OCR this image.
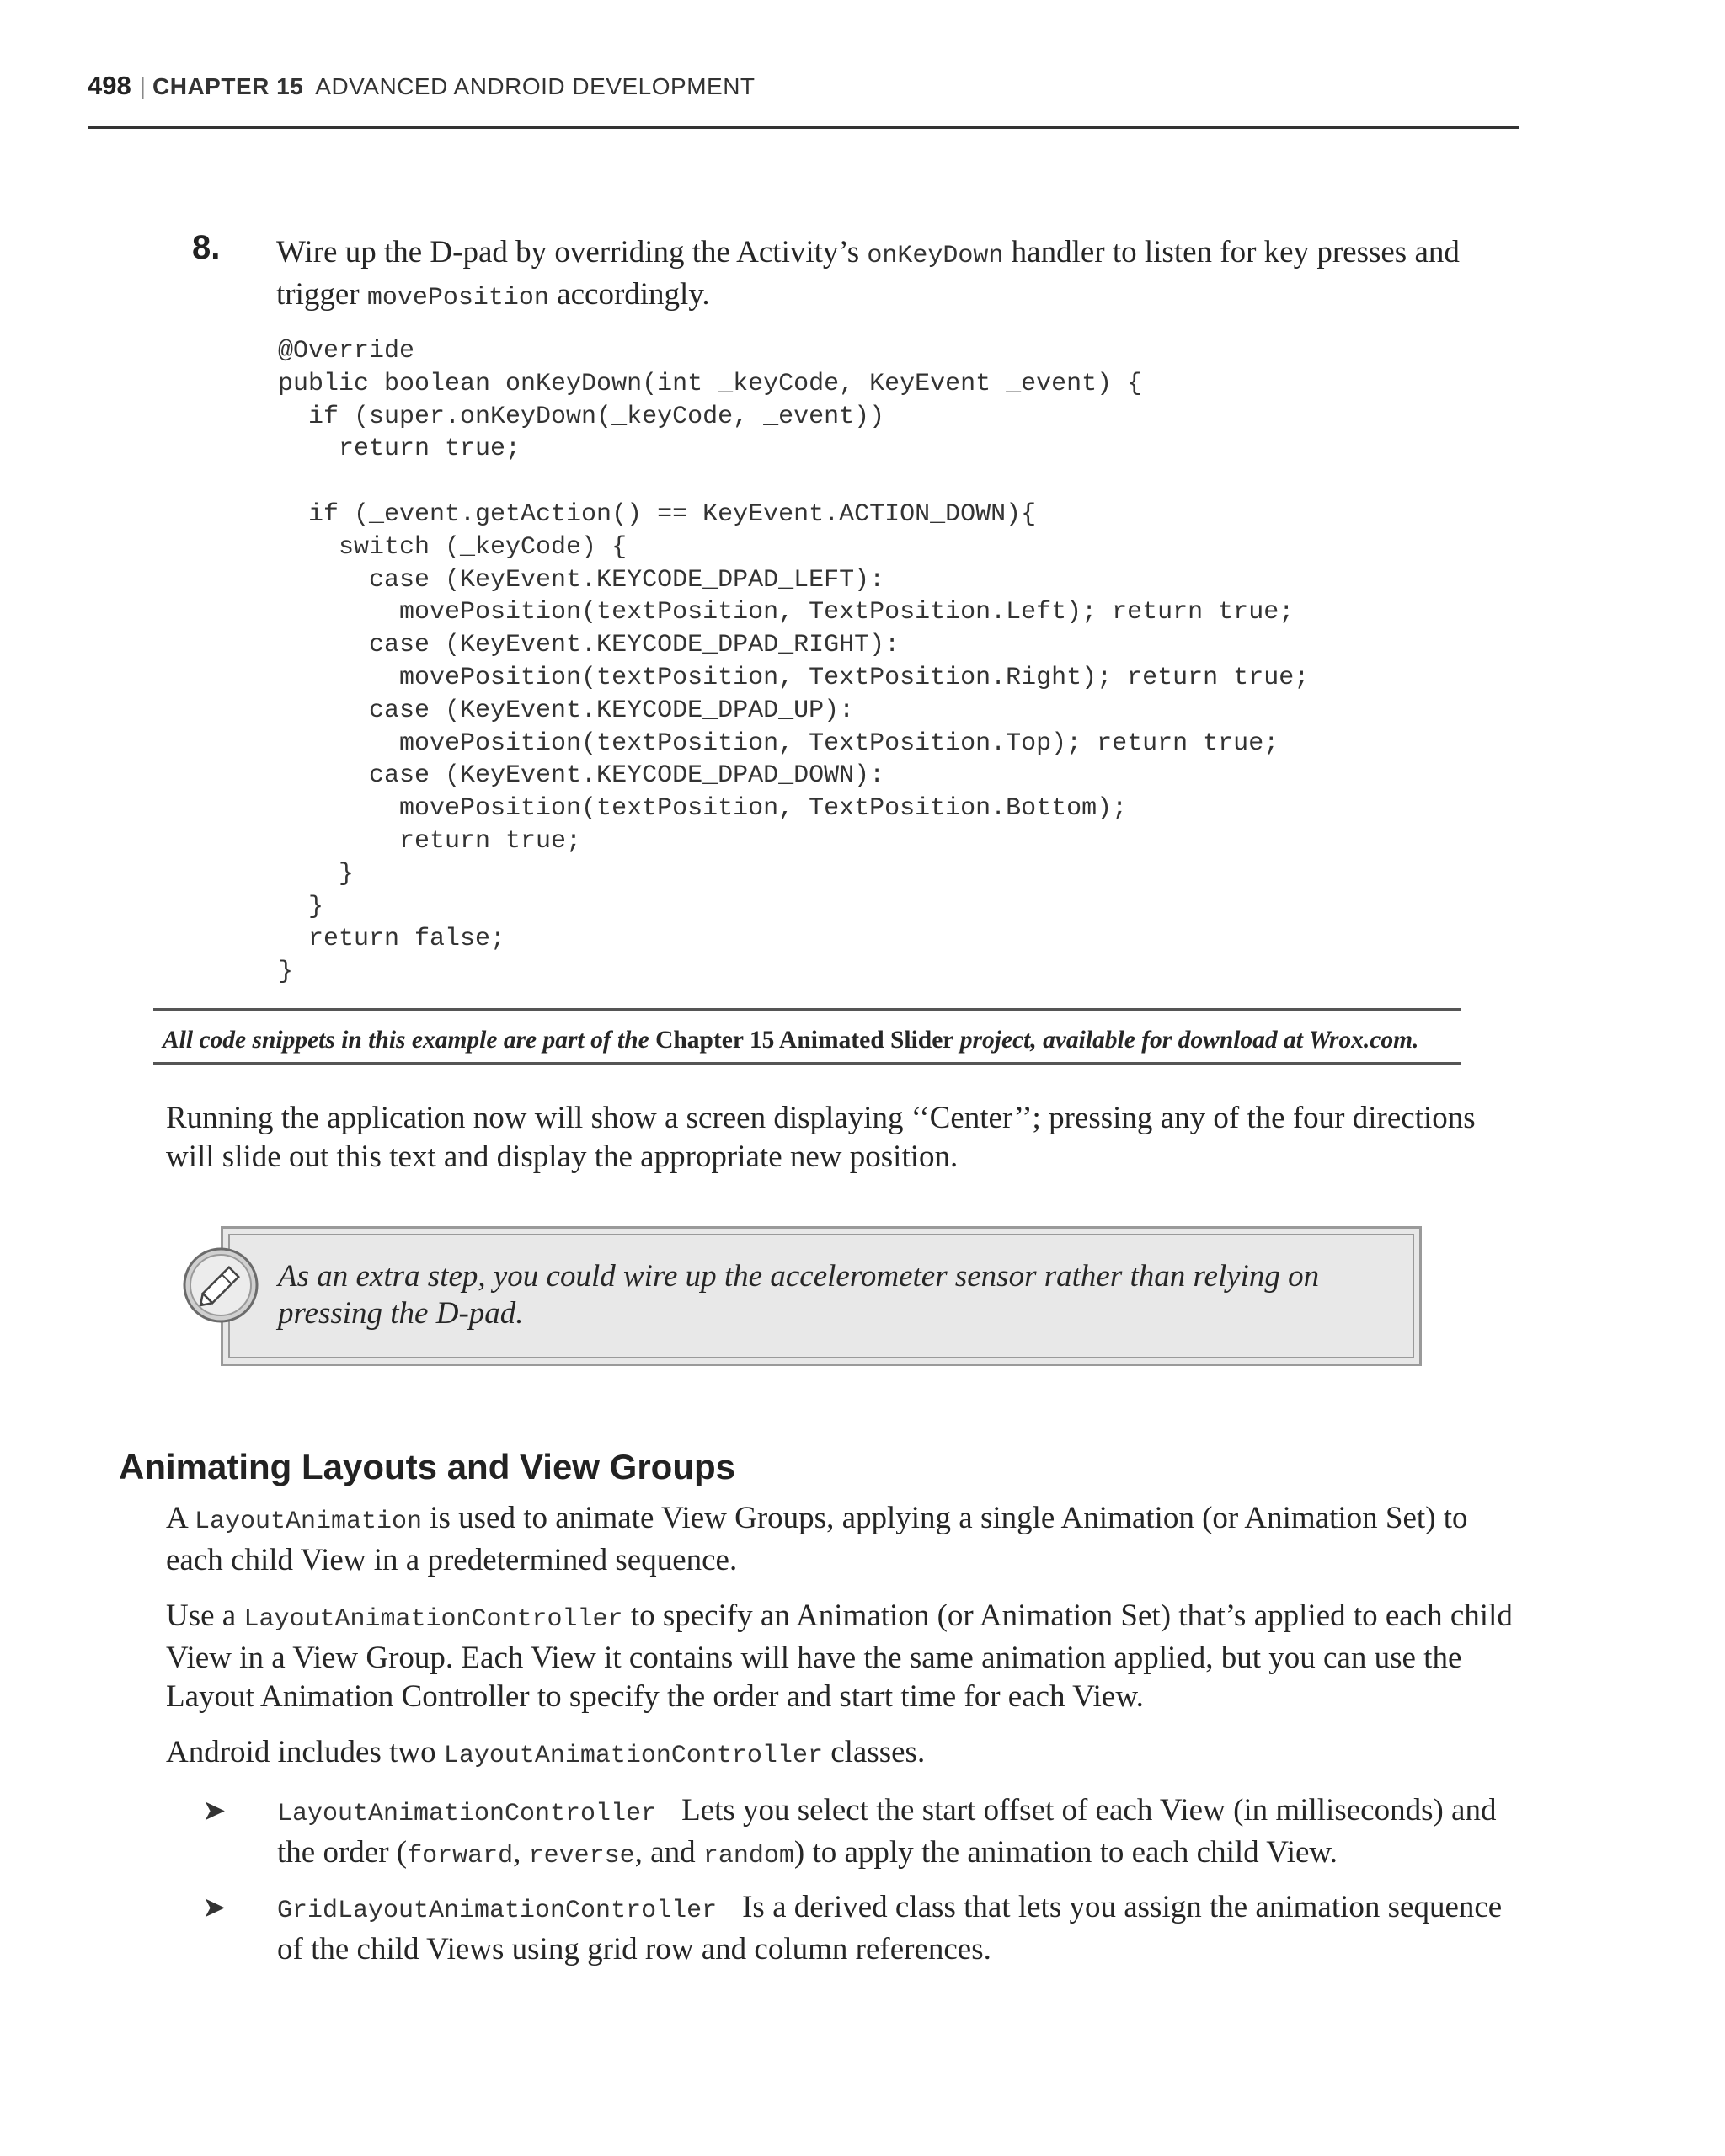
498 | CHAPTER 15 ADVANCED ANDROID DEVELOPMENT
8. Wire up the D-pad by overriding the Activity’s onKeyDown handler to listen for key presses and trigger movePosition accordingly.
@Override
public boolean onKeyDown(int _keyCode, KeyEvent _event) {
if (super.onKeyDown(_keyCode, _event))
return true;

if (_event.getAction() == KeyEvent.ACTION_DOWN){
switch (_keyCode) {
case (KeyEvent.KEYCODE_DPAD_LEFT):
movePosition(textPosition, TextPosition.Left); return true;
case (KeyEvent.KEYCODE_DPAD_RIGHT):
movePosition(textPosition, TextPosition.Right); return true;
case (KeyEvent.KEYCODE_DPAD_UP):
movePosition(textPosition, TextPosition.Top); return true;
case (KeyEvent.KEYCODE_DPAD_DOWN):
movePosition(textPosition, TextPosition.Bottom);
return true;
}
}
return false;
}
All code snippets in this example are part of the Chapter 15 Animated Slider project, available for download at Wrox.com.
Running the application now will show a screen displaying ‘‘Center’’; pressing any of the four directions will slide out this text and display the appropriate new position.
As an extra step, you could wire up the accelerometer sensor rather than relying on pressing the D-pad.
Animating Layouts and View Groups
A LayoutAnimation is used to animate View Groups, applying a single Animation (or Animation Set) to each child View in a predetermined sequence.
Use a LayoutAnimationController to specify an Animation (or Animation Set) that’s applied to each child View in a View Group. Each View it contains will have the same animation applied, but you can use the Layout Animation Controller to specify the order and start time for each View.
Android includes two LayoutAnimationController classes.
➤ LayoutAnimationController Lets you select the start offset of each View (in milliseconds) and the order (forward, reverse, and random) to apply the animation to each child View.
➤ GridLayoutAnimationController Is a derived class that lets you assign the animation sequence of the child Views using grid row and column references.
